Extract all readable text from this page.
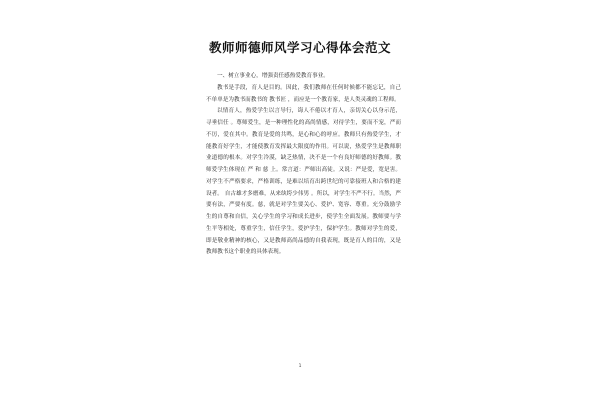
教师师德师风学习心得体会范文

一、树立事业心，增强责任感热爱教育事业。

教书是手段，育人是目的。因此，我们教师在任何时候都不能忘记，自己不单单是为教书而教书的 教书匠 ，而应是一个教育家，是人类灵魂的工程师。

以情育人，热爱学生以言导行，诲人不倦以才育人，亲切关心以身示范，寻垂信任 。尊师爱生，是一种理性化的高尚情感，对待学生，要而不宠，严而不厉，爱在其中。教育是爱的共鸣，是心和心的呼应。教师只有热爱学生，才能教育好学生，才能使教育发挥最大限度的作用。可以说，热爱学生是教师职业道德的根本。对学生冷漠，缺乏热情，决不是一个有良好师德的好教师。教师爱学生体现在 严 和 慈 上。常言道：严师出高徒。又说：严是爱，宽是害。对学生不严格要求，严格训练，是难以培育出跨世纪的可靠接班人和合格的建设者。 自古雄才多磨难，从来纨绔少伟男 。所以，对学生不严不行。当然，严要有法，严要有度。慈，就是对学生要关心、爱护、宽容、尊重。充分鼓励学生的自尊和自信，关心学生的学习和成长进步，使学生全面发展。教师要与学生平等相处，尊重学生，信任学生，爱护学生，保护学生。教师对学生的爱，即是敬业精神的核心，又是教师高尚品德的自我表现，既是育人的目的，又是教师教书这个职业的具体表现。

1
